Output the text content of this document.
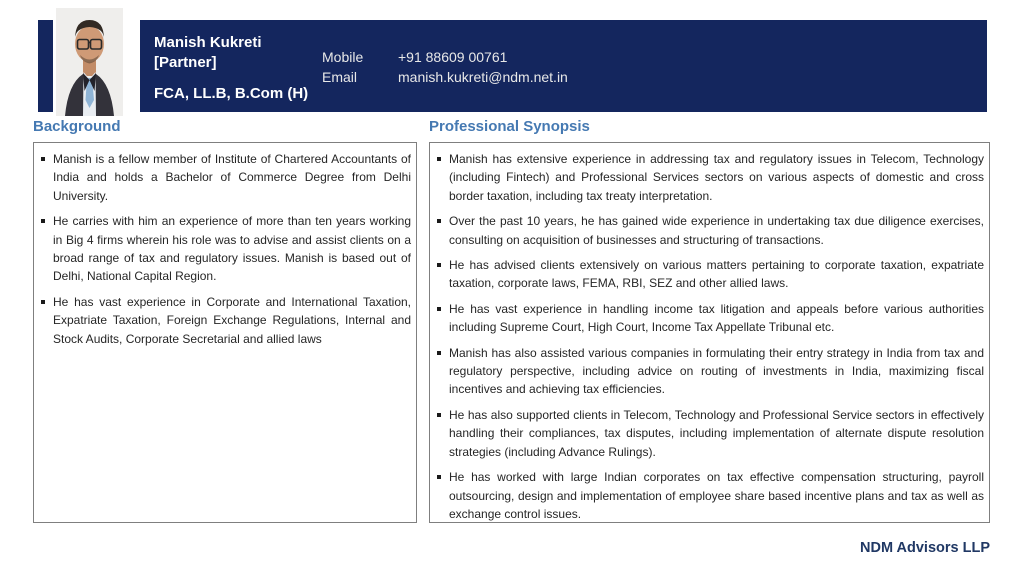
Manish Kukreti
[Partner]
FCA, LL.B, B.Com (H)
Mobile	+91 88609 00761
Email	manish.kukreti@ndm.net.in
Background	Professional Synopsis
Manish is a fellow member of Institute of Chartered Accountants of India and holds a Bachelor of Commerce Degree from Delhi University.
He carries with him an experience of more than ten years working in Big 4 firms wherein his role was to advise and assist clients on a broad range of tax and regulatory issues. Manish is based out of Delhi, National Capital Region.
He has vast experience in Corporate and International Taxation, Expatriate Taxation, Foreign Exchange Regulations, Internal and Stock Audits, Corporate Secretarial and allied laws
Manish has extensive experience in addressing tax and regulatory issues in Telecom, Technology (including Fintech) and Professional Services sectors on various aspects of domestic and cross border taxation, including tax treaty interpretation.
Over the past 10 years, he has gained wide experience in undertaking tax due diligence exercises, consulting on acquisition of businesses and structuring of transactions.
He has advised clients extensively on various matters pertaining to corporate taxation, expatriate taxation, corporate laws, FEMA, RBI, SEZ and other allied laws.
He has vast experience in handling income tax litigation and appeals before various authorities including Supreme Court, High Court, Income Tax Appellate Tribunal etc.
Manish has also assisted various companies in formulating their entry strategy in India from tax and regulatory perspective, including advice on routing of investments in India, maximizing fiscal incentives and achieving tax efficiencies.
He has also supported clients in Telecom, Technology and Professional Service sectors in effectively handling their compliances, tax disputes, including implementation of alternate dispute resolution strategies (including Advance Rulings).
He has worked with large Indian corporates on tax effective compensation structuring, payroll outsourcing, design and implementation of employee share based incentive plans and tax as well as exchange control issues.
NDM Advisors LLP
